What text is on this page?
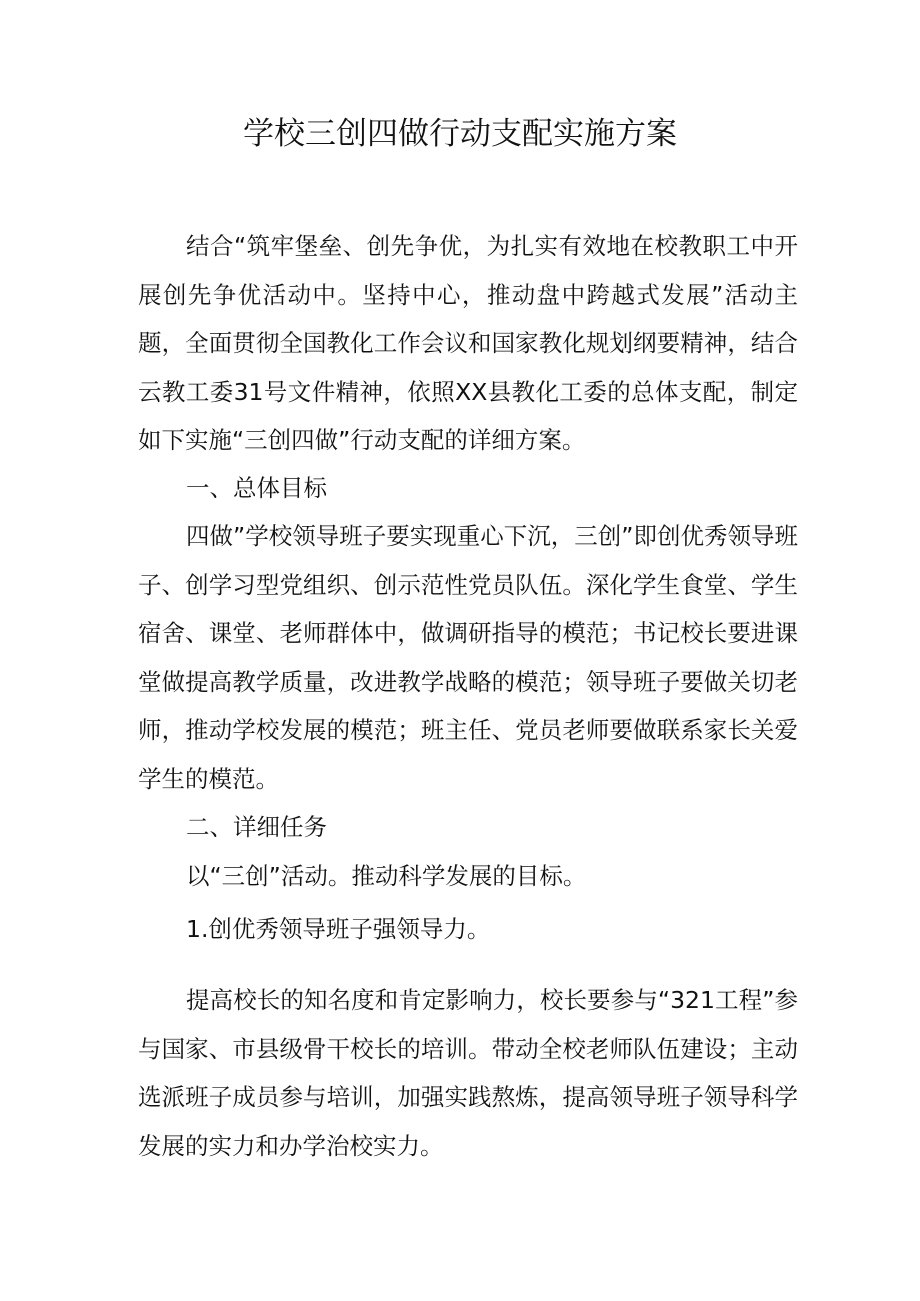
学校三创四做行动支配实施方案

结合“筑牢堡垒、创先争优，为扎实有效地在校教职工中开展创先争优活动中。坚持中心，推动盘中跨越式发展”活动主题，全面贯彻全国教化工作会议和国家教化规划纲要精神，结合云教工委31号文件精神，依照XX县教化工委的总体支配，制定如下实施“三创四做”行动支配的详细方案。

一、总体目标

四做”学校领导班子要实现重心下沉，三创”即创优秀领导班子、创学习型党组织、创示范性党员队伍。深化学生食堂、学生宿舍、课堂、老师群体中，做调研指导的模范；书记校长要进课堂做提高教学质量，改进教学战略的模范；领导班子要做关切老师，推动学校发展的模范；班主任、党员老师要做联系家长关爱学生的模范。

二、详细任务

以“三创”活动。推动科学发展的目标。

1.创优秀领导班子强领导力。

提高校长的知名度和肯定影响力，校长要参与“321工程”参与国家、市县级骨干校长的培训。带动全校老师队伍建设；主动选派班子成员参与培训，加强实践熬炼，提高领导班子领导科学发展的实力和办学治校实力。
